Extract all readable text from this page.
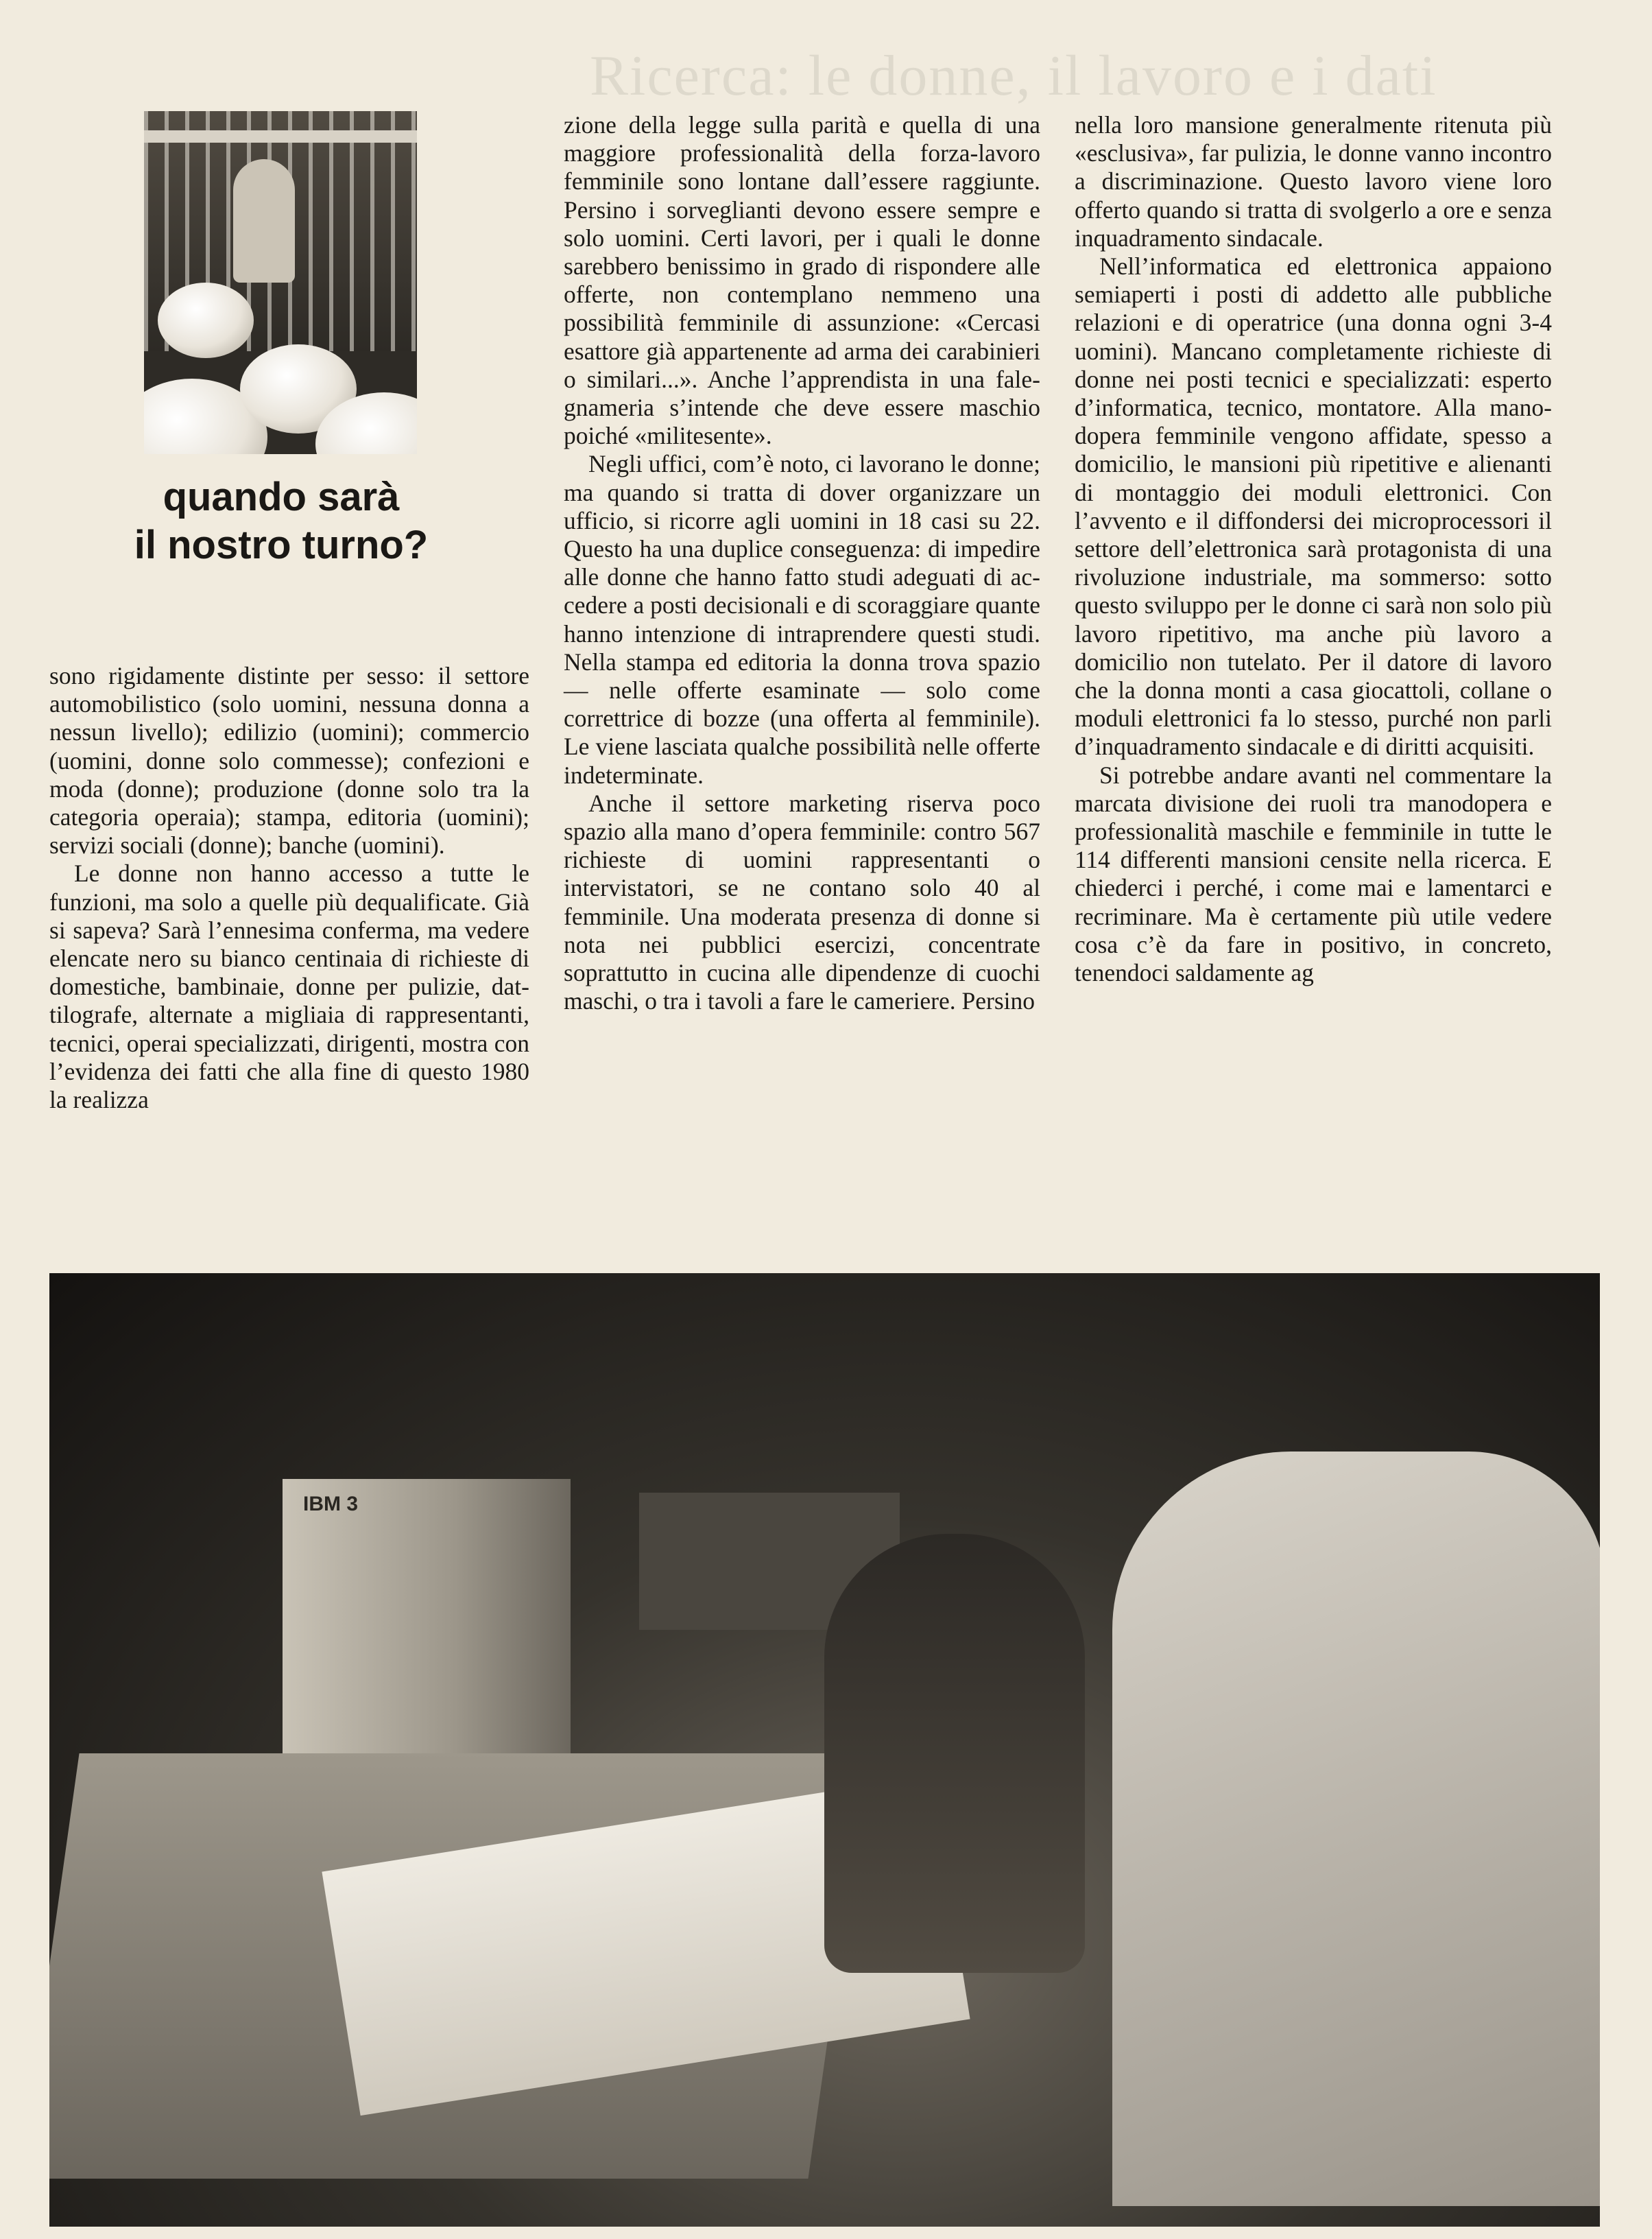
Ricerca: le donne, il lavoro e i dati
quando sarà
il nostro turno?

sono rigidamente distinte per sesso: il settore automobilistico (solo uomini, nessuna donna a nessun livello); edilizio (uomini); commercio (uomini, donne solo commesse); confezioni e moda (donne); produzione (donne solo tra la categoria operaia); stampa, editoria (uomini); servizi sociali (donne); banche (uomini).

Le donne non hanno accesso a tutte le funzioni, ma solo a quelle più dequalificate. Già si sapeva? Sarà l’ennesima conferma, ma vedere elencate nero su bianco centinaia di richieste di domestiche, bambinaie, donne per pulizie, dattilografe, alternate a migliaia di rappresentanti, tecnici, operai specializzati, dirigenti, mostra con l’evidenza dei fatti che alla fine di questo 1980 la realizza

zione della legge sulla parità e quella di una maggiore professionalità della forza-lavoro femminile sono lontane dall’essere raggiunte. Persino i sorveglianti devono essere sempre e solo uomini. Certi lavori, per i quali le donne sarebbero benissimo in grado di rispondere alle offerte, non contemplano nemmeno una possibilità femminile di assunzione: «Cercasi esattore già appartenente ad arma dei carabinieri o similari...». Anche l’apprendista in una falegnameria s’intende che deve essere maschio poiché «militesente».

Negli uffici, com’è noto, ci lavorano le donne; ma quando si tratta di dover organizzare un ufficio, si ricorre agli uomini in 18 casi su 22. Questo ha una duplice conseguenza: di impedire alle donne che hanno fatto studi adeguati di accedere a posti decisionali e di scoraggiare quante hanno intenzione di intraprendere questi studi. Nella stampa ed editoria la donna trova spazio — nelle offerte esaminate — solo come correttrice di bozze (una offerta al femminile). Le viene lasciata qualche possibilità nelle offerte indeterminate.

Anche il settore marketing riserva poco spazio alla mano d’opera femminile: contro 567 richieste di uomini rappresentanti o intervistatori, se ne contano solo 40 al femminile. Una moderata presenza di donne si nota nei pubblici esercizi, concentrate soprattutto in cucina alle dipendenze di cuochi maschi, o tra i tavoli a fare le cameriere. Persino

nella loro mansione generalmente ritenuta più «esclusiva», far pulizia, le donne vanno incontro a discriminazione. Questo lavoro viene loro offerto quando si tratta di svolgerlo a ore e senza inquadramento sindacale.

Nell’informatica ed elettronica appaiono semiaperti i posti di addetto alle pubbliche relazioni e di operatrice (una donna ogni 3-4 uomini). Mancano completamente richieste di donne nei posti tecnici e specializzati: esperto d’informatica, tecnico, montatore. Alla manodopera femminile vengono affidate, spesso a domicilio, le mansioni più ripetitive e alienanti di montaggio dei moduli elettronici. Con l’avvento e il diffondersi dei microprocessori il settore dell’elettronica sarà protagonista di una rivoluzione industriale, ma sommerso: sotto questo sviluppo per le donne ci sarà non solo più lavoro ripetitivo, ma anche più lavoro a domicilio non tutelato. Per il datore di lavoro che la donna monti a casa giocattoli, collane o moduli elettronici fa lo stesso, purché non parli d’inquadramento sindacale e di diritti acquisiti.

Si potrebbe andare avanti nel commentare la marcata divisione dei ruoli tra manodopera e professionalità maschile e femminile in tutte le 114 differenti mansioni censite nella ricerca. E chiederci i perché, i come mai e lamentarci e recriminare. Ma è certamente più utile vedere cosa c’è da fare in positivo, in concreto, tenendoci saldamente ag

IBM 3
